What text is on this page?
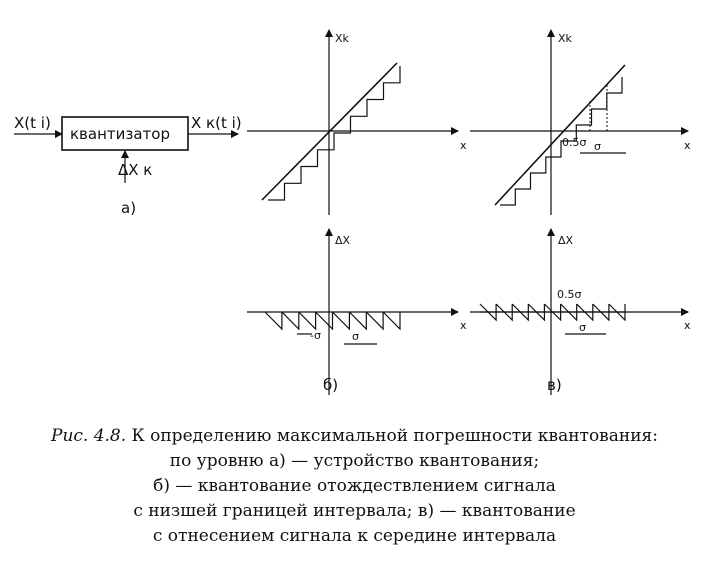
X(t i)
квантизатор
X к(t i)
ΔX к
а)
Xk
x
Xk
x
0.5σ σ
ΔX
x
-σ	σ
б)
ΔX
x
0.5σ
σ
в)
Рис. 4.8. К определению максимальной погрешности квантования:
по уровню а) — устройство квантования;
б) — квантование отождествлением сигнала
с низшей границей интервала; в) — квантование
с отнесением сигнала к середине интервала
